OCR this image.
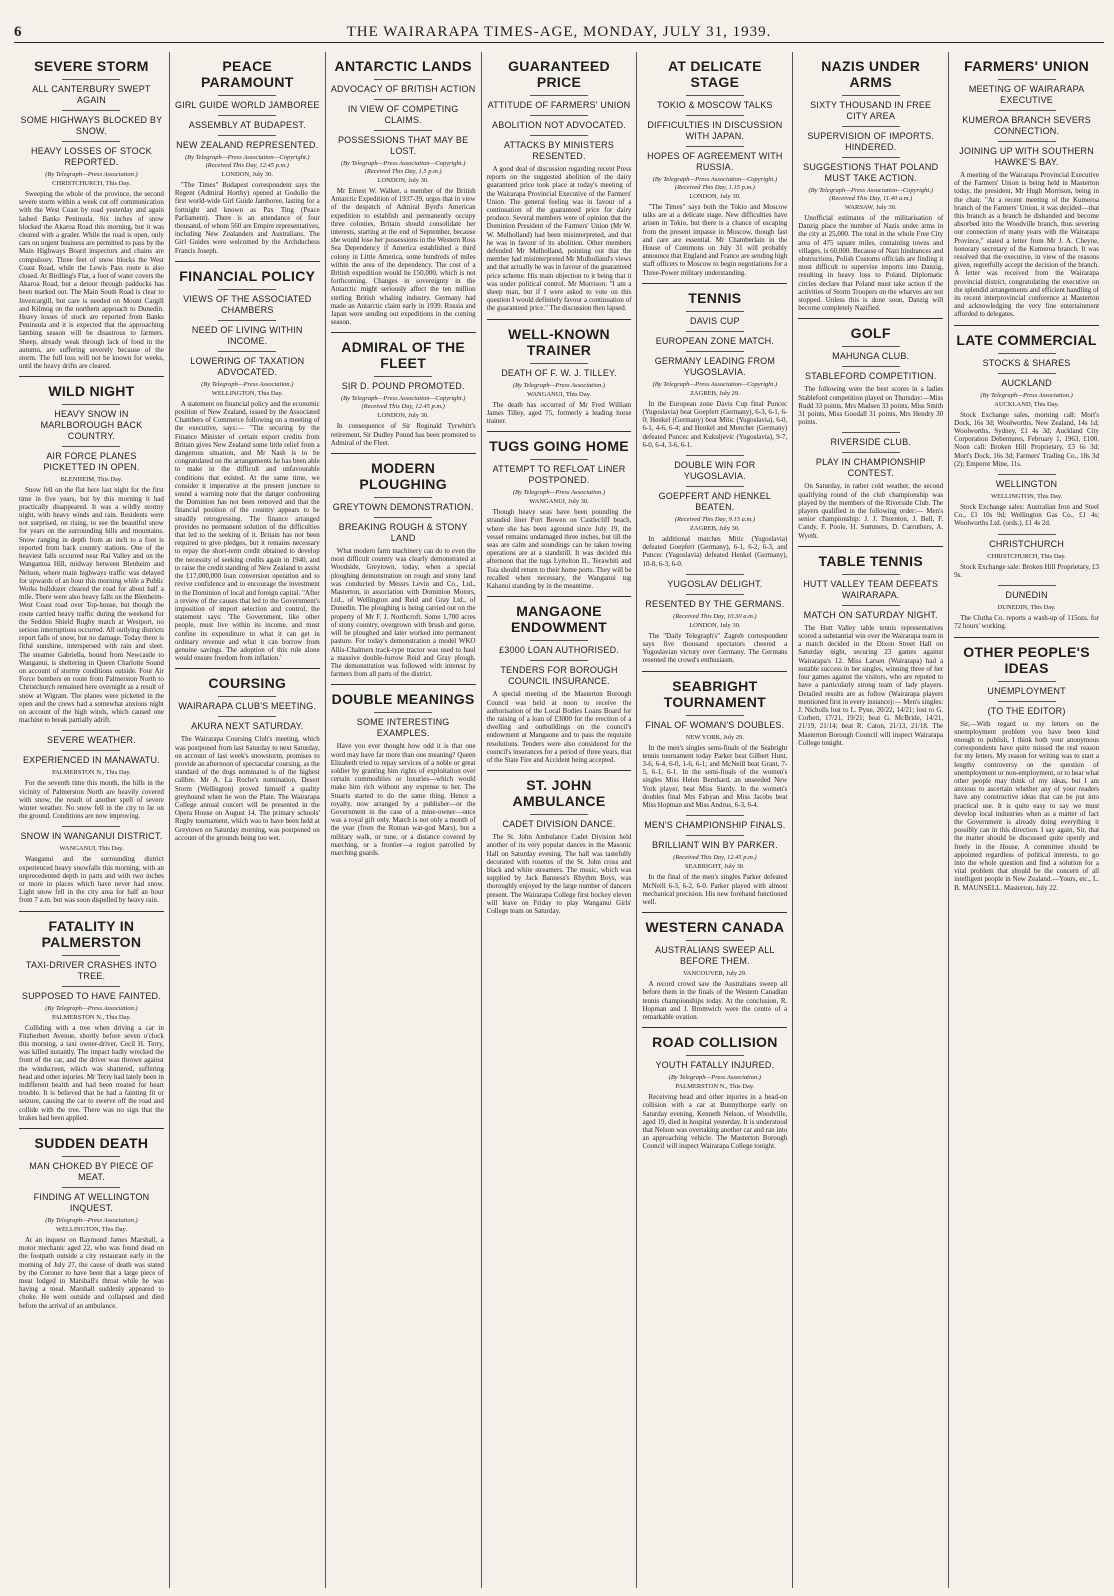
6	THE WAIRARAPA TIMES-AGE, MONDAY, JULY 31, 1939.
SEVERE STORM
ALL CANTERBURY SWEPT AGAIN
SOME HIGHWAYS BLOCKED BY SNOW.
HEAVY LOSSES OF STOCK REPORTED.
(By Telegraph—Press Association.)
CHRISTCHURCH, This Day.

Sweeping the whole of the province, the second severe storm within a week cut off communication with the West Coast by road yesterday and again lashed Banks Peninsula. Six inches of snow blocked the Akaroa Road this morning, but it was cleared with a grader. While the road is open, only cars on urgent business are permitted to pass by the Main Highways Board inspectors and chains are compulsory. Three feet of snow blocks the West Coast Road, while the Lewis Pass route is also closed. At Birdling's Flat, a foot of water covers the Akaroa Road, but a detour through paddocks has been marked out. The Main South Road is clear to Invercargill, but care is needed on Mount Cargill and Kilmog on the northern approach to Dunedin. Heavy losses of stock are reported from Banks Peninsula and it is expected that the approaching lambing season will be disastrous to farmers. Sheep, already weak through lack of food in the autumn, are suffering severely because of the storm. The full loss will not be known for weeks, until the heavy drifts are cleared.

WILD NIGHT
HEAVY SNOW IN MARLBOROUGH BACK COUNTRY.
AIR FORCE PLANES PICKETTED IN OPEN.
BLENHEIM, This Day.

Snow fell on the flat here last night for the first time in five years, but by this morning it had practically disappeared. It was a wildly stormy night, with heavy winds and rain. Residents were not surprised, on rising, to see the beautiful snow for years on the surrounding hills and mountains. Snow ranging in depth from an inch to a foot is reported from back country stations. One of the heaviest falls occurred near Rai Valley and on the Wangamoa Hill, midway between Blenheim and Nelson, where main highways traffic was delayed for upwards of an hour this morning while a Public Works bulldozer cleared the road for about half a mile. There were also heavy falls on the Blenheim-West Coast road over Top-house, but though the route carried heavy traffic during the weekend for the Seddon Shield Rugby match at Westport, no serious interruptions occurred. All outlying districts report falls of snow, but no damage. Today there is fitful sunshine, interspersed with rain and sleet. The steamer Gabriella, bound from Newcastle to Wanganui, is sheltering in Queen Charlotte Sound on account of stormy conditions outside. Four Air Force bombers en route from Palmerston North to Christchurch remained here overnight as a result of snow at Wigram. The planes were picketed in the open and the crews had a somewhat anxious night on account of the high winds, which caused one machine to break partially adrift.

SEVERE WEATHER.
EXPERIENCED IN MANAWATU.
PALMERSTON N., This Day.

For the seventh time this month, the hills in the vicinity of Palmerston North are heavily covered with snow, the result of another spell of severe winter weather. No snow fell in the city to lie on the ground. Conditions are now improving.

SNOW IN WANGANUI DISTRICT.
WANGANUI, This Day.

Wanganui and the surrounding district experienced heavy snowfalls this morning, with an unprecedented depth in parts and with two inches or more in places which have never had snow. Light snow fell in the city area for half an hour from 7 a.m. but was soon dispelled by heavy rain.

FATALITY IN PALMERSTON
TAXI-DRIVER CRASHES INTO TREE.
SUPPOSED TO HAVE FAINTED.
(By Telegraph—Press Association.)
PALMERSTON N., This Day.

Colliding with a tree when driving a car in Fitzherbert Avenue, shortly before seven o'clock this morning, a taxi owner-driver, Cecil H. Terry, was killed instantly. The impact badly wrecked the front of the car, and the driver was thrown against the windscreen, which was shattered, suffering head and other injuries. Mr Terry had lately been in indifferent health and had been treated for heart trouble. It is believed that he had a fainting fit or seizure, causing the car to swerve off the road and collide with the tree. There was no sign that the brakes had been applied.

SUDDEN DEATH
MAN CHOKED BY PIECE OF MEAT.
FINDING AT WELLINGTON INQUEST.
(By Telegraph—Press Association.)
WELLINGTON, This Day.

At an inquest on Raymond James Marshall, a motor mechanic aged 22, who was found dead on the footpath outside a city restaurant early in the morning of July 27, the cause of death was stated by the Coroner to have been that a large piece of meat lodged in Marshall's throat while he was having a meal. Marshall suddenly appeared to choke. He went outside and collapsed and died before the arrival of an ambulance.

PEACE PARAMOUNT
GIRL GUIDE WORLD JAMBOREE
ASSEMBLY AT BUDAPEST.
NEW ZEALAND REPRESENTED.
(By Telegraph—Press Association—Copyright.) (Received This Day, 12.45 p.m.)
LONDON, July 30.

"The Times" Budapest correspondent says the Regent (Admiral Horthy) opened at Godollo the first world-wide Girl Guide Jamboree, lasting for a fortnight and known as Pax Ting (Peace Parliament). There is an attendance of four thousand, of whom 560 are Empire representatives, including New Zealanders and Australians. The Girl Guides were welcomed by the Archduchess Francis Joseph.

FINANCIAL POLICY
VIEWS OF THE ASSOCIATED CHAMBERS
NEED OF LIVING WITHIN INCOME.
LOWERING OF TAXATION ADVOCATED.
(By Telegraph—Press Association.)
WELLINGTON, This Day.

A statement on financial policy and the economic position of New Zealand, issued by the Associated Chambers of Commerce following on a meeting of the executive, says:— "The securing by the Finance Minister of certain export credits from Britain gives New Zealand some little relief from a dangerous situation, and Mr Nash is to be congratulated on the arrangements he has been able to make in the difficult and unfavourable conditions that existed. At the same time, we consider it imperative at the present juncture to sound a warning note that the danger confronting the Dominion has not been removed and that the financial position of the country appears to be steadily retrogressing. The finance arranged provides no permanent solution of the difficulties that led to the seeking of it. Britain has not been required to give pledges, but it remains necessary to repay the short-term credit obtained to develop the necessity of seeking credits again in 1940, and to raise the credit standing of New Zealand to assist the £17,000,000 loan conversion operation and to revive confidence and to encourage the investment in the Dominion of local and foreign capital. "After a review of the causes that led to the Government's imposition of import selection and control, the statement says: 'The Government, like other people, must live within its income, and must confine its expenditure to what it can get in ordinary revenue and what it can borrow from genuine savings. The adoption of this rule alone would ensure freedom from inflation.'

COURSING
WAIRARAPA CLUB'S MEETING.
AKURA NEXT SATURDAY.

The Wairarapa Coursing Club's meeting, which was postponed from last Saturday to next Saturday, on account of last week's snowstorm, promises to provide an afternoon of spectacular coursing, as the standard of the dogs nominated is of the highest calibre. Mr A. La Roche's nomination, Desert Storm (Wellington) proved himself a quality greyhound when he won the Plate. The Wairarapa College annual concert will be presented in the Opera House on August 14. The primary schools' Rugby tournament, which was to have been held at Greytown on Saturday morning, was postponed on account of the grounds being too wet.

ANTARCTIC LANDS
ADVOCACY OF BRITISH ACTION
IN VIEW OF COMPETING CLAIMS.
POSSESSIONS THAT MAY BE LOST.
(By Telegraph—Press Association—Copyright.) (Received This Day, 1.5 p.m.)
LONDON, July 30.

Mr Ernest W. Walker, a member of the British Antarctic Expedition of 1937-39, urges that in view of the despatch of Admiral Byrd's American expedition to establish and permanently occupy three colonies, Britain should consolidate her interests, starting at the end of September, because she would lose her possessions in the Western Ross Sea Dependency if America established a third colony in Little America, some hundreds of miles within the area of the dependency. The cost of a British expedition would be £50,000, which is not forthcoming. Changes in sovereignty in the Antarctic might seriously affect the ten million sterling British whaling industry. Germany had made an Antarctic claim early in 1939. Russia and Japan were sending out expeditions in the coming season.

ADMIRAL OF THE FLEET
SIR D. POUND PROMOTED.
(By Telegraph—Press Association—Copyright.) (Received This Day, 12.45 p.m.)
LONDON, July 30.

In consequence of Sir Reginald Tyrwhitt's retirement, Sir Dudley Pound has been promoted to Admiral of the Fleet.

MODERN PLOUGHING
GREYTOWN DEMONSTRATION.
BREAKING ROUGH & STONY LAND

What modern farm machinery can do to even the most difficult country was clearly demonstrated at Woodside, Greytown, today, when a special ploughing demonstration on rough and stony land was conducted by Messrs Levin and Co., Ltd., Masterton, in association with Dominion Motors, Ltd., of Wellington and Reid and Gray Ltd., of Dunedin. The ploughing is being carried out on the property of Mr F. J. Northcroft. Some 1,700 acres of stony country, overgrown with brush and gorse, will be ploughed and later worked into permanent pasture. For today's demonstration a model WKO Allis-Chalmers track-type tractor was used to haul a massive double-furrow Reid and Gray plough. The demonstration was followed with interest by farmers from all parts of the district.

DOUBLE MEANINGS
SOME INTERESTING EXAMPLES.

Have you ever thought how odd it is that one word may have far more than one meaning? Queen Elizabeth tried to repay services of a noble or great soldier by granting him rights of exploitation over certain commodities or luxuries—which would make him rich without any expense to her. The Stuarts started to do the same thing. Hence a royalty, now arranged by a publisher—or the Government in the case of a mine-owner—once was a royal gift only. March is not only a month of the year (from the Roman war-god Mars), but a military walk, or tune, or a distance covered by marching, or a frontier—a region patrolled by marching guards.

GUARANTEED PRICE
ATTITUDE OF FARMERS' UNION
ABOLITION NOT ADVOCATED.
ATTACKS BY MINISTERS RESENTED.

A good deal of discussion regarding recent Press reports on the suggested abolition of the dairy guaranteed price took place at today's meeting of the Wairarapa Provincial Executive of the Farmers' Union. The general feeling was in favour of a continuation of the guaranteed price for dairy produce. Several members were of opinion that the Dominion President of the Farmers' Union (Mr W. W. Mulholland) had been misinterpreted, and that he was in favour of its abolition. Other members defended Mr Mulholland, pointing out that the member had misinterpreted Mr Mulholland's views and that actually he was in favour of the guaranteed price scheme. His main objection to it being that it was under political control. Mr Morrison: "I am a sheep man, but if I were asked to vote on this question I would definitely favour a continuation of the guaranteed price." The discussion then lapsed.

WELL-KNOWN TRAINER
DEATH OF F. W. J. TILLEY.
(By Telegraph—Press Association.)
WANGANUI, This Day.

The death has occurred of Mr Fred William James Tilley, aged 75, formerly a leading horse trainer.

TUGS GOING HOME
ATTEMPT TO REFLOAT LINER POSTPONED.
(By Telegraph—Press Association.)
WANGANUI, July 30.

Though heavy seas have been pounding the stranded liner Port Bowen on Castlecliff beach, where she has been aground since July 19, the vessel remains undamaged three inches, but till the seas are calm and soundings can be taken towing operations are at a standstill. It was decided this afternoon that the tugs Lyttelton II., Terawhiti and Toia should return to their home ports. They will be recalled when necessary, the Wanganui tug Kahanui standing by in the meantime.

MANGAONE ENDOWMENT
£3000 LOAN AUTHORISED.
TENDERS FOR BOROUGH COUNCIL INSURANCE.

A special meeting of the Masterton Borough Council was held at noon to receive the authorisation of the Local Bodies Loans Board for the raising of a loan of £3000 for the erection of a dwelling and outbuildings on the council's endowment at Mangaone and to pass the requisite resolutions. Tenders were also considered for the council's insurances for a period of three years, that of the State Fire and Accident being accepted.

ST. JOHN AMBULANCE
CADET DIVISION DANCE.

The St. John Ambulance Cadet Division held another of its very popular dances in the Masonic Hall on Saturday evening. The hall was tastefully decorated with rosettes of the St. John cross and black and white streamers. The music, which was supplied by Jack Banness's Rhythm Boys, was thoroughly enjoyed by the large number of dancers present. The Wairarapa College first hockey eleven will leave on Friday to play Wanganui Girls' College team on Saturday.

AT DELICATE STAGE
TOKIO & MOSCOW TALKS
DIFFICULTIES IN DISCUSSION WITH JAPAN.
HOPES OF AGREEMENT WITH RUSSIA.
(By Telegraph—Press Association—Copyright.) (Received This Day, 1.15 p.m.)
LONDON, July 30.

"The Times" says both the Tokio and Moscow talks are at a delicate stage. New difficulties have arisen in Tokio, but there is a chance of escaping from the present impasse in Moscow, though fast and care are essential. Mr Chamberlain in the House of Commons on July 31 will probably announce that England and France are sending high staff officers to Moscow to begin negotiations for a Three-Power military understanding.

TENNIS
DAVIS CUP
EUROPEAN ZONE MATCH.
GERMANY LEADING FROM YUGOSLAVIA.
(By Telegraph—Press Association—Copyright.)
ZAGREB, July 29.

In the European zone Davis Cup final Puncec (Yugoslavia) beat Goepfert (Germany), 6-3, 6-1, 6-0; Henkel (Germany) beat Mitic (Yugoslavia), 6-0, 6-1, 4-6, 6-4; and Henkel and Mencher (Germany) defeated Puncec and Kukuljevic (Yugoslavia), 9-7, 6-0, 6-4, 3-6, 6-1.

DOUBLE WIN FOR YUGOSLAVIA.
GOEPFERT AND HENKEL BEATEN.
(Received This Day, 9.15 a.m.)
ZAGREB, July 30.

In additional matches Mitic (Yugoslavia) defeated Goepfert (Germany), 6-1, 6-2, 6-3, and Puncec (Yugoslavia) defeated Henkel (Germany), 10-8, 6-3, 6-0.

YUGOSLAV DELIGHT.
RESENTED BY THE GERMANS.
(Received This Day, 10.30 a.m.)
LONDON, July 30.

The "Daily Telegraph's" Zagreb correspondent says five thousand spectators cheered a Yugoslavian victory over Germany. The Germans resented the crowd's enthusiasm.

SEABRIGHT TOURNAMENT
FINAL OF WOMAN'S DOUBLES.
NEW YORK, July 29.

In the men's singles semi-finals of the Seabright tennis tournament today Parker beat Gilbert Hunt, 3-6, 6-4, 6-0, 1-6, 6-1; and McNeill beat Grant, 7-5, 6-1, 6-1. In the semi-finals of the women's singles Miss Helen Bernhard, an unseeded New York player, beat Miss Stardy. In the women's doubles final Mrs Fabyan and Miss Jacobs beat Miss Hopman and Miss Andrus, 6-3, 6-4.

MEN'S CHAMPIONSHIP FINALS.
BRILLIANT WIN BY PARKER.
(Received This Day, 12.45 p.m.)
SEABRIGHT, July 30.

In the final of the men's singles Parker defeated McNeill 6-3, 6-2, 6-0. Parker played with almost mechanical precision. His new forehand functioned well.

WESTERN CANADA
AUSTRALIANS SWEEP ALL BEFORE THEM.
VANCOUVER, July 29.

A record crowd saw the Australians sweep all before them in the finals of the Western Canadian tennis championships today. At the conclusion, R. Hopman and J. Bromwich were the centre of a remarkable ovation.

ROAD COLLISION
YOUTH FATALLY INJURED.
(By Telegraph—Press Association.)
PALMERSTON N., This Day.

Receiving head and other injuries in a head-on collision with a car at Bunnythorpe early on Saturday evening, Kenneth Nelson, of Woodville, aged 19, died in hospital yesterday. It is understood that Nelson was overtaking another car and ran into an approaching vehicle. The Masterton Borough Council will inspect Wairarapa College tonight.

NAZIS UNDER ARMS
SIXTY THOUSAND IN FREE CITY AREA
SUPERVISION OF IMPORTS. HINDERED.
SUGGESTIONS THAT POLAND MUST TAKE ACTION.
(By Telegraph—Press Association—Copyright.) (Received This Day, 11.40 a.m.)
WARSAW, July 30.

Unofficial estimates of the militarisation of Danzig place the number of Nazis under arms in the city at 25,000. The total in the whole Free City area of 475 square miles, containing towns and villages, is 60,000. Because of Nazi hindrances and obstructions, Polish Customs officials are finding it most difficult to supervise imports into Danzig, resulting in heavy loss to Poland. Diplomatic circles declare that Poland must take action if the activities of Storm Troopers on the wharves are not stopped. Unless this is done soon, Danzig will become completely Nazified.

GOLF
MAHUNGA CLUB.
STABLEFORD COMPETITION.

The following were the best scores in a ladies Stableford competition played on Thursday:—Miss Rudd 33 points, Mrs Madsen 33 points, Miss Smith 31 points, Miss Goodall 31 points, Mrs Hendry 30 points.

RIVERSIDE CLUB.
PLAY IN CHAMPIONSHIP CONTEST.

On Saturday, in rather cold weather, the second qualifying round of the club championship was played by the members of the Riverside Club. The players qualified in the following order:— Men's senior championship: J. J. Thornton, J. Bell, F. Candy, F. Poole, H. Summers, D. Carruthers, A. Wyeth.

TABLE TENNIS
HUTT VALLEY TEAM DEFEATS WAIRARAPA.
MATCH ON SATURDAY NIGHT.

The Hutt Valley table tennis representatives scored a substantial win over the Wairarapa team in a match decided in the Dixon Street Hall on Saturday night, securing 23 games against Wairarapa's 12. Miss Larsen (Wairarapa) had a notable success in her singles, winning three of her four games against the visitors, who are reputed to have a particularly strong team of lady players. Detailed results are as follow (Wairarapa players mentioned first in every instance):— Men's singles: J. Nicholls lost to L. Pyne, 20/22, 14/21; lost to G. Corbett, 17/21, 19/21; beat G. McBride, 14/21, 21/19, 21/14; beat R. Caton, 21/13, 21/18. The Masterton Borough Council will inspect Wairarapa College tonight.

FARMERS' UNION
MEETING OF WAIRARAPA EXECUTIVE
KUMEROA BRANCH SEVERS CONNECTION.
JOINING UP WITH SOUTHERN HAWKE'S BAY.

A meeting of the Wairarapa Provincial Executive of the Farmers' Union is being held in Masterton today, the president, Mr Hugh Morrison, being in the chair. "At a recent meeting of the Kumeroa branch of the Farmers' Union, it was decided—that this branch as a branch be disbanded and become absorbed into the Woodville branch, thus severing our connection of many years with the Wairarapa Province," stated a letter from Mr J. A. Cheyne, honorary secretary of the Kumeroa branch. It was resolved that the executive, in view of the reasons given, regretfully accept the decision of the branch. A letter was received from the Wairarapa provincial district, congratulating the executive on the splendid arrangements and efficient handling of its recent interprovincial conference at Masterton and acknowledging the very fine entertainment afforded to delegates.

LATE COMMERCIAL
STOCKS & SHARES
AUCKLAND
(By Telegraph—Press Association.)
AUCKLAND, This Day.

Stock Exchange sales, morning call: Mort's Dock, 16s 3d; Woolworths, New Zealand, 14s 1d; Woolworths, Sydney, £1 4s 3d; Auckland City Corporation Debentures, February 1, 1963, £100. Noon call: Broken Hill Proprietary, £3 6s 3d; Mort's Dock, 16s 3d; Farmers' Trading Co., 18s 3d (2); Emperor Mine, 11s.

WELLINGTON
WELLINGTON, This Day.

Stock Exchange sales: Australian Iron and Steel Co., £1 10s 9d; Wellington Gas Co., £1 4s; Woolworths Ltd. (ords.), £1 4s 2d.

CHRISTCHURCH
CHRISTCHURCH, This Day.

Stock Exchange sale: Broken Hill Proprietary, £3 9s.

DUNEDIN
DUNEDIN, This Day.

The Clutha Co. reports a wash-up of 115ozs. for 72 hours' working.

OTHER PEOPLE'S IDEAS
UNEMPLOYMENT
(TO THE EDITOR)

Sir,—With regard to my letters on the unemployment problem you have been kind enough to publish, I think both your anonymous correspondents have quite missed the real reason for my letters. My reason for writing was to start a lengthy controversy on the question of unemployment or non-employment, or to hear what other people may think of my ideas, but I am anxious to ascertain whether any of your readers have any constructive ideas that can be put into practical use. It is quite easy to say we must develop local industries when as a matter of fact the Government is already doing everything it possibly can in this direction. I say again, Sir, that the matter should be discussed quite openly and freely in the House. A committee should be appointed regardless of political interests, to go into the whole question and find a solution for a vital problem that should be the concern of all intelligent people in New Zealand.—Yours, etc., L. B. MAUNSELL. Masterton, July 22.
